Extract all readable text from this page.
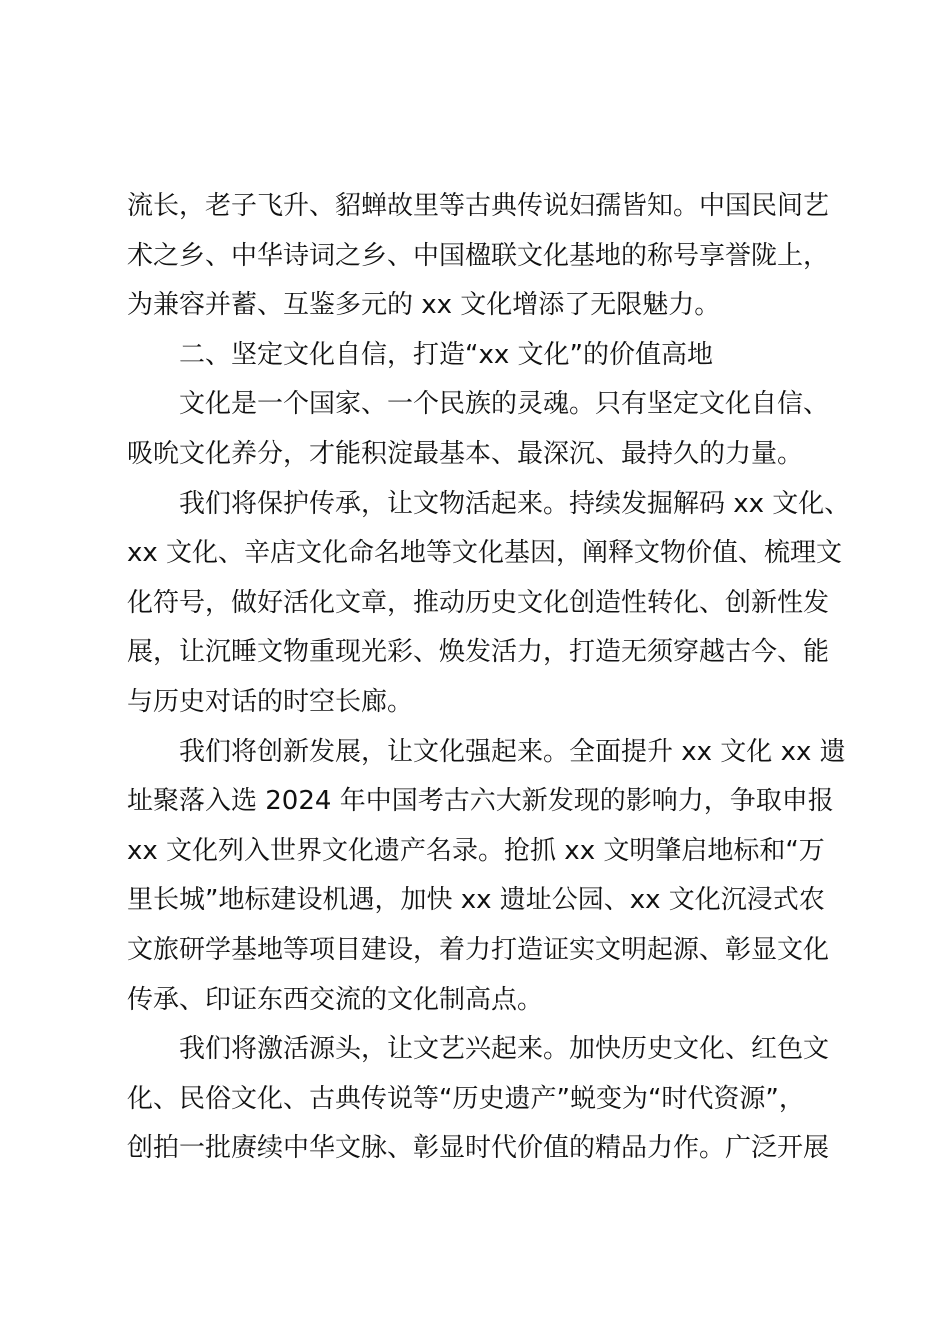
流长，老子飞升、貂蝉故里等古典传说妇孺皆知。中国民间艺
术之乡、中华诗词之乡、中国楹联文化基地的称号享誉陇上，
为兼容并蓄、互鉴多元的 xx 文化增添了无限魅力。
二、坚定文化自信，打造“xx 文化”的价值高地
文化是一个国家、一个民族的灵魂。只有坚定文化自信、
吸吮文化养分，才能积淀最基本、最深沉、最持久的力量。
我们将保护传承，让文物活起来。持续发掘解码 xx 文化、
xx 文化、辛店文化命名地等文化基因，阐释文物价值、梳理文
化符号，做好活化文章，推动历史文化创造性转化、创新性发
展，让沉睡文物重现光彩、焕发活力，打造无须穿越古今、能
与历史对话的时空长廊。
我们将创新发展，让文化强起来。全面提升 xx 文化 xx 遗
址聚落入选 2024 年中国考古六大新发现的影响力，争取申报
xx 文化列入世界文化遗产名录。抢抓 xx 文明肇启地标和“万
里长城”地标建设机遇，加快 xx 遗址公园、xx 文化沉浸式农
文旅研学基地等项目建设，着力打造证实文明起源、彰显文化
传承、印证东西交流的文化制高点。
我们将激活源头，让文艺兴起来。加快历史文化、红色文
化、民俗文化、古典传说等“历史遗产”蜕变为“时代资源”，
创拍一批赓续中华文脉、彰显时代价值的精品力作。广泛开展
